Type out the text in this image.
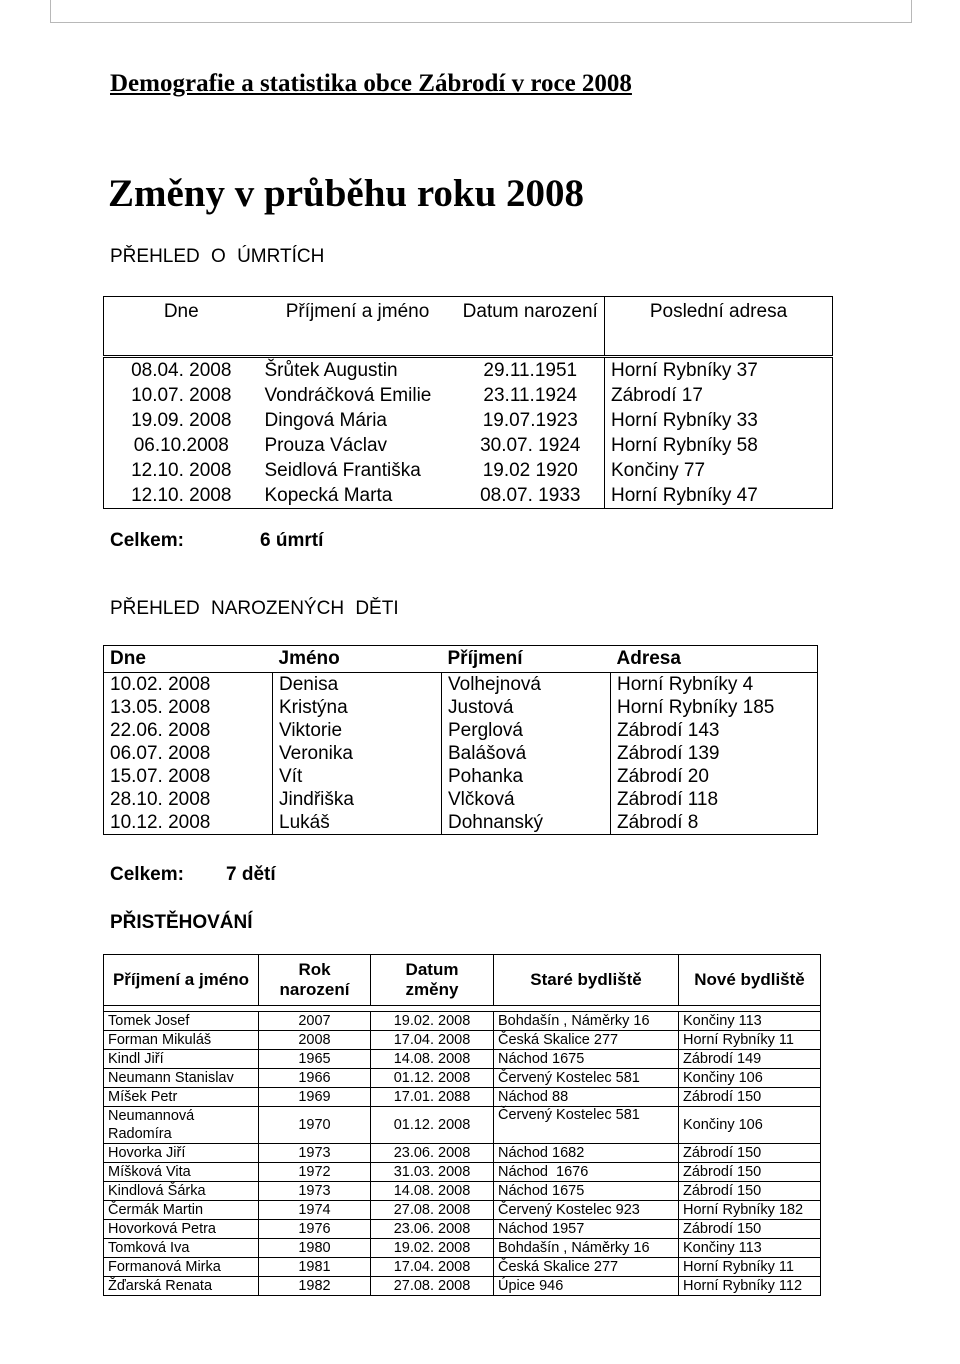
Demografie a statistika obce Zábrodí v roce 2008
Změny v průběhu roku 2008
PŘEHLED O ÚMRTÍCH
Dne	Příjmení a jméno	Datum narození	Poslední adresa
08.04. 2008	Šrůtek Augustin	29.11.1951	Horní Rybníky 37
10.07. 2008	Vondráčková Emilie	23.11.1924	Zábrodí 17
19.09. 2008	Dingová Mária	19.07.1923	Horní Rybníky 33
06.10.2008	Prouza Václav	30.07. 1924	Horní Rybníky 58
12.10. 2008	Seidlová Františka	19.02 1920	Končiny 77
12.10. 2008	Kopecká Marta	08.07. 1933	Horní Rybníky 47
Celkem:	6 úmrtí
PŘEHLED NAROZENÝCH DĚTI
Dne	Jméno	Příjmení	Adresa
10.02. 2008	Denisa	Volhejnová	Horní Rybníky 4
13.05. 2008	Kristýna	Justová	Horní Rybníky 185
22.06. 2008	Viktorie	Perglová	Zábrodí 143
06.07. 2008	Veronika	Balášová	Zábrodí 139
15.07. 2008	Vít	Pohanka	Zábrodí 20
28.10. 2008	Jindřiška	Vlčková	Zábrodí 118
10.12. 2008	Lukáš	Dohnanský	Zábrodí 8
Celkem: 7 dětí
PŘISTĚHOVÁNÍ
Příjmení a jméno	Rok narození	Datum změny	Staré bydliště	Nové bydliště

Tomek Josef	2007	19.02. 2008	Bohdašín , Náměrky 16	Končiny 113
Forman Mikuláš	2008	17.04. 2008	Česká Skalice 277	Horní Rybníky 11
Kindl Jiří	1965	14.08. 2008	Náchod 1675	Zábrodí 149
Neumann Stanislav	1966	01.12. 2008	Červený Kostelec 581	Končiny 106
Míšek Petr	1969	17.01. 2088	Náchod 88	Zábrodí 150
Neumannová Radomíra	1970	01.12. 2008	Červený Kostelec 581	Končiny 106
Hovorka Jiří	1973	23.06. 2008	Náchod 1682	Zábrodí 150
Míšková Vita	1972	31.03. 2008	Náchod  1676	Zábrodí 150
Kindlová Šárka	1973	14.08. 2008	Náchod 1675	Zábrodí 150
Čermák Martin	1974	27.08. 2008	Červený Kostelec 923	Horní Rybníky 182
Hovorková Petra	1976	23.06. 2008	Náchod 1957	Zábrodí 150
Tomková Iva	1980	19.02. 2008	Bohdašín , Náměrky 16	Končiny 113
Formanová Mirka	1981	17.04. 2008	Česká Skalice 277	Horní Rybníky 11
Žďarská Renata	1982	27.08. 2008	Úpice 946	Horní Rybníky 112
